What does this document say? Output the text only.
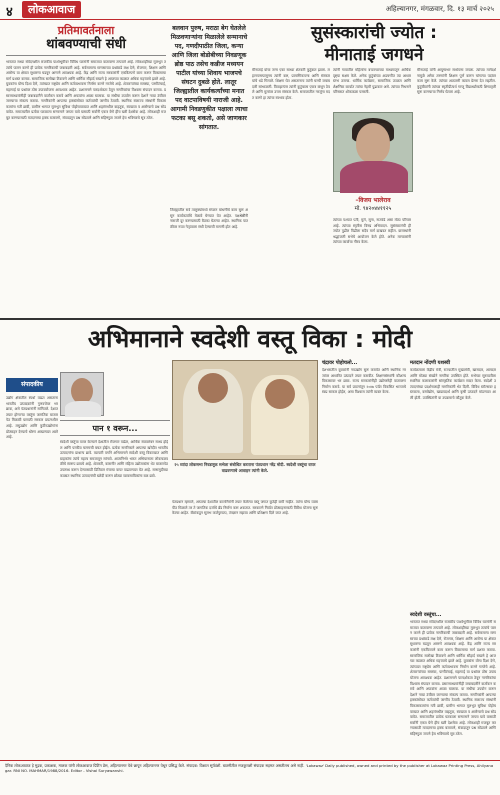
४	लोकआवाज	अहिल्यानगर, मंगळवार, दि. १३ मार्च २०२५
प्रतिमावर्तनाला
थांबवण्याची संधी
भारतात सध्या संवेदनशील राजकीय पार्श्वभूमीवर विविध घटनांनी समाजात वातावरण तापवले आहे. लोकशाहीच्या मूलभूत तत्वांचे पालन करणे ही प्रत्येक नागरिकाची जबाबदारी आहे. सर्वसामान्य माणसाच्या प्रश्नांकडे लक्ष देणे, रोजगार, शिक्षण आणि आरोग्य या क्षेत्रात सुधारणा घडवून आणणे आवश्यक आहे. केंद्र आणि राज्य सरकारांनी एकत्रितपणे काम करून विकासाचा मार्ग प्रशस्त करावा. सामाजिक सलोखा टिकवणे आणि धार्मिक सौहार्द राखणे हे आजच्या काळात अधिक महत्त्वाचे झाले आहे. युवकांना योग्य दिशा देणे, त्यांच्यात राष्ट्रप्रेम आणि कर्तव्यभावना निर्माण करणे गरजेचे आहे. शेतकऱ्यांच्या समस्या, पाणीटंचाई, महागाई या प्रश्नांवर ठोस उपाययोजना आवश्यक आहेत. प्रशासनाने पारदर्शकता ठेवून नागरिकांचा विश्वास संपादन करावा. प्रसारमाध्यमांनीही जबाबदारीने वार्तांकन करावे आणि अफवांना आळा घालावा. या संधीचा उपयोग करून देशाने नव्या उंचीवर जाण्याचा संकल्प करावा. नागरिकांनी आपल्या हक्कांसोबत कर्तव्यांची जाणीव ठेवावी. स्थानिक स्वराज्य संस्थांनी विकासकामांना गती द्यावी, ग्रामीण भागात मूलभूत सुविधा पोहोचवाव्यात आणि शहरांमधील वाहतूक, स्वच्छता व आरोग्याचे प्रश्न सोडवावेत. समाजातील प्रत्येक घटकाला सन्मानाने जगता यावे यासाठी सर्वांनी एकत्र येणे हीच खरी देशसेवा आहे. लोकशाही मजबूत करण्यासाठी मतदानाचा हक्क बजावणे, संवादातून प्रश्न सोडवणे आणि सहिष्णुता जपणे हेच भविष्याचे सूत्र ठरेल.
बलवान पुरुष, मराठा बेग घेतलेले मिळवणाऱ्यांना मिळालेले सन्मानाचे पद, गणदीपाठीत जिला, कन्या आणि जिला बोडोबीच्या निवडणूक ब्रोष्ठ पाठ तसेच कन्नीज मध्ययन पाटील यांच्या शिवाय भाजपचे संघटन दुबळे होते. लातूर जिल्ह्यातील कार्यकर्त्यांच्या मनात पद वाटपाविषयी नाराजी आहे. आगामी निवडणुकीत पक्षाला त्याचा फटका बसू शकतो, असे जाणकार सांगतात.
जिल्ह्यातील सर्व तालुक्यांमध्ये संघटन बांधणीचे काम सुरू असून कार्यकर्त्यांचे मेळावे घेण्यात येत आहेत. पक्षश्रेष्ठींनी नाराजी दूर करण्यासाठी बैठका घेतल्या आहेत. स्थानिक पातळीवर नव्या नेतृत्वाला संधी देण्याची मागणी होत आहे.
सुसंस्कारांची ज्योत :
मीनाताई जगधने
मीनाताई यांचा जन्म एका साध्या शेतकरी कुटुंबात झाला. लहानपणापासूनच त्यांनी कष्ट, प्रामाणिकपणा आणि संस्कार यांचे धडे गिरवले. शिक्षण घेत असतानाच त्यांनी घरची जबाबदारी सांभाळली. विवाहानंतर त्यांनी कुटुंबाला एकत्र बांधून ठेवले आणि मुलांवर उत्तम संस्कार केले. समाजातील गरजूंना मदत करणे हा त्यांचा स्वभाव होता.
त्यांनी गावातील महिलांना बचतगटाच्या माध्यमातून आर्थिकदृष्ट्या सक्षम केले. अनेक कुटुंबांच्या अडचणीत त्या आधारस्तंभ ठरल्या. धार्मिक कार्यक्रम, सामाजिक उपक्रम आणि शैक्षणिक कार्यात त्यांचा नेहमी पुढाकार असे. त्यांच्या निधनाने परिसरात शोककळा पसरली.
–विजय भालेराव
मो. ९४२०४४११२५
त्यांच्या पश्चात पती, मुले, सुना, नातवंडे असा मोठा परिवार आहे. त्यांच्या स्मृतीस विनम्र अभिवादन. सुसंस्कारांची ही ज्योत पुढील पिढीला सदैव मार्ग दाखवत राहील. ग्रामस्थांनी श्रद्धांजली सभेचे आयोजन केले होते. अनेक मान्यवरांनी त्यांच्या कार्याचा गौरव केला.
मीनाताई यांनी आयुष्यभर साधेपणा जपला. त्यांच्या मार्गदर्शनामुळे अनेक तरुणांनी शिक्षण पूर्ण करून चांगल्या पदांवर काम सुरू केले. त्यांच्या आठवणी कायम प्रेरणा देत राहतील. कुटुंबीयांनी त्यांच्या स्मृतीप्रीत्यर्थ गरजू विद्यार्थ्यांसाठी शिष्यवृत्ती सुरू करण्याचा निर्णय घेतला आहे.
अभिमानाने स्वदेशी वस्तू विका : मोदी
संपादकीय
उद्योग क्षेत्रातील स्पर्धा वाढत असताना भारतीय उत्पादकांनी गुणवत्तेवर भर द्यावा, असे पंतप्रधानांनी सांगितले. देशात तयार होणाऱ्या वस्तूंना जागतिक बाजारपेठ मिळावी यासाठी सरकार प्रयत्नशील आहे. लघुउद्योग आणि कुटीरउद्योगांना प्रोत्साहन देण्याचे धोरण आखण्यात आले आहे.
पान १ वरून...
स्वदेशी वस्तूंचा वापर केल्याने देशातील रोजगार वाढेल, आर्थिक स्वावलंबन साध्य होईल आणि परकीय चलनाची बचत होईल. प्रत्येक नागरिकाने आपल्या खरेदीत भारतीय उत्पादनांना प्राधान्य द्यावे. व्यापारी वर्गाने अभिमानाने स्वदेशी वस्तू विकाव्यात आणि ग्राहकांना त्यांचे महत्त्व समजावून सांगावे. आत्मनिर्भर भारत अभियानाला लोकचळवळीचे स्वरूप द्यायचे आहे. शेतकरी, कारागीर आणि महिला उद्योजकांना थेट बाजारपेठ उपलब्ध करून देण्यासाठी डिजिटल मंचाचा वापर वाढवण्यात येत आहे. सणासुदीच्या काळात स्थानिक उत्पादनांची खरेदी करून छोट्या व्यावसायिकांना बळ द्यावे.
२५ व्यांदा लोकसभा निवडणूक सभेला संबोधित करताना पंतप्रधान नरेंद्र मोदी. स्वदेशी वस्तूंचा वापर वाढवण्याचे आवाहन त्यांनी केले.
पंतप्रधान म्हणाले, आपल्या देशातील कारागिरांनी तयार केलेल्या वस्तू जगात कुठेही कमी नाहीत. त्यांना योग्य व्यासपीठ मिळाले तर ते जागतिक दर्जाचे ब्रँड निर्माण करू शकतात. सरकारने निर्यात प्रोत्साहनासाठी विविध योजना सुरू केल्या आहेत. बँकांकडून सुलभ कर्जपुरवठा, तंत्रज्ञान सहाय्य आणि प्रशिक्षण दिले जात आहे.
चंद्रावर पोहोचलो...
देशभरातील युवकांनी नवउद्योग सुरू करावेत आणि स्थानिक गरजांवर आधारित उत्पादने तयार करावीत. शिक्षणसंस्थांनी कौशल्य विकासावर भर द्यावा. राज्य सरकारांनीही उद्योगस्नेही वातावरण निर्माण करावे. या सर्व प्रयत्नांतून २०४७ पर्यंत विकसित भारताचे स्वप्न साकार होईल, असा विश्वास त्यांनी व्यक्त केला.
मतदान नोंदणी यशस्वी
कार्यक्रमाला केंद्रीय मंत्री, राज्यातील मुख्यमंत्री, खासदार, आमदार आणि मोठ्या संख्येने नागरिक उपस्थित होते. सभेच्या सुरुवातीला स्थानिक कलाकारांनी सांस्कृतिक कार्यक्रम सादर केला. स्वदेशी उत्पादनांच्या प्रदर्शनालाही नागरिकांनी भेट दिली. विविध स्टॉल्सवर हस्तकला, वस्त्रोद्योग, खाद्यपदार्थ आणि कृषी उत्पादने मांडण्यात आली होती. उपस्थितांनी या उपक्रमाचे कौतुक केले.
स्वदेशी वस्तूंचा...
भारतात सध्या संवेदनशील राजकीय पार्श्वभूमीवर विविध घटनांनी समाजात वातावरण तापवले आहे. लोकशाहीच्या मूलभूत तत्वांचे पालन करणे ही प्रत्येक नागरिकाची जबाबदारी आहे. सर्वसामान्य माणसाच्या प्रश्नांकडे लक्ष देणे, रोजगार, शिक्षण आणि आरोग्य या क्षेत्रात सुधारणा घडवून आणणे आवश्यक आहे. केंद्र आणि राज्य सरकारांनी एकत्रितपणे काम करून विकासाचा मार्ग प्रशस्त करावा. सामाजिक सलोखा टिकवणे आणि धार्मिक सौहार्द राखणे हे आजच्या काळात अधिक महत्त्वाचे झाले आहे. युवकांना योग्य दिशा देणे, त्यांच्यात राष्ट्रप्रेम आणि कर्तव्यभावना निर्माण करणे गरजेचे आहे. शेतकऱ्यांच्या समस्या, पाणीटंचाई, महागाई या प्रश्नांवर ठोस उपाययोजना आवश्यक आहेत. प्रशासनाने पारदर्शकता ठेवून नागरिकांचा विश्वास संपादन करावा. प्रसारमाध्यमांनीही जबाबदारीने वार्तांकन करावे आणि अफवांना आळा घालावा. या संधीचा उपयोग करून देशाने नव्या उंचीवर जाण्याचा संकल्प करावा. नागरिकांनी आपल्या हक्कांसोबत कर्तव्यांची जाणीव ठेवावी. स्थानिक स्वराज्य संस्थांनी विकासकामांना गती द्यावी, ग्रामीण भागात मूलभूत सुविधा पोहोचवाव्यात आणि शहरांमधील वाहतूक, स्वच्छता व आरोग्याचे प्रश्न सोडवावेत. समाजातील प्रत्येक घटकाला सन्मानाने जगता यावे यासाठी सर्वांनी एकत्र येणे हीच खरी देशसेवा आहे. लोकशाही मजबूत करण्यासाठी मतदानाचा हक्क बजावणे, संवादातून प्रश्न सोडवणे आणि सहिष्णुता जपणे हेच भविष्याचे सूत्र ठरेल.
दैनिक लोकआवाज हे मुद्रक, प्रकाशक, मालक यांनी लोकआवाज प्रिंटिंग प्रेस, अहिल्यानगर येथे छापून अहिल्यानगर येथून प्रसिद्ध केले. संपादक: विशाल सूर्यवंशी. बातमीतील मजकुराशी संपादक सहमत असतीलच असे नाही. 'Lokawaz' Daily published, owned and printed by the publisher at Lokawaz Printing Press, Ahilyanagar. RNI NO. MAHMAR/1988/2016. Editor - Vishal Suryawanshi.
